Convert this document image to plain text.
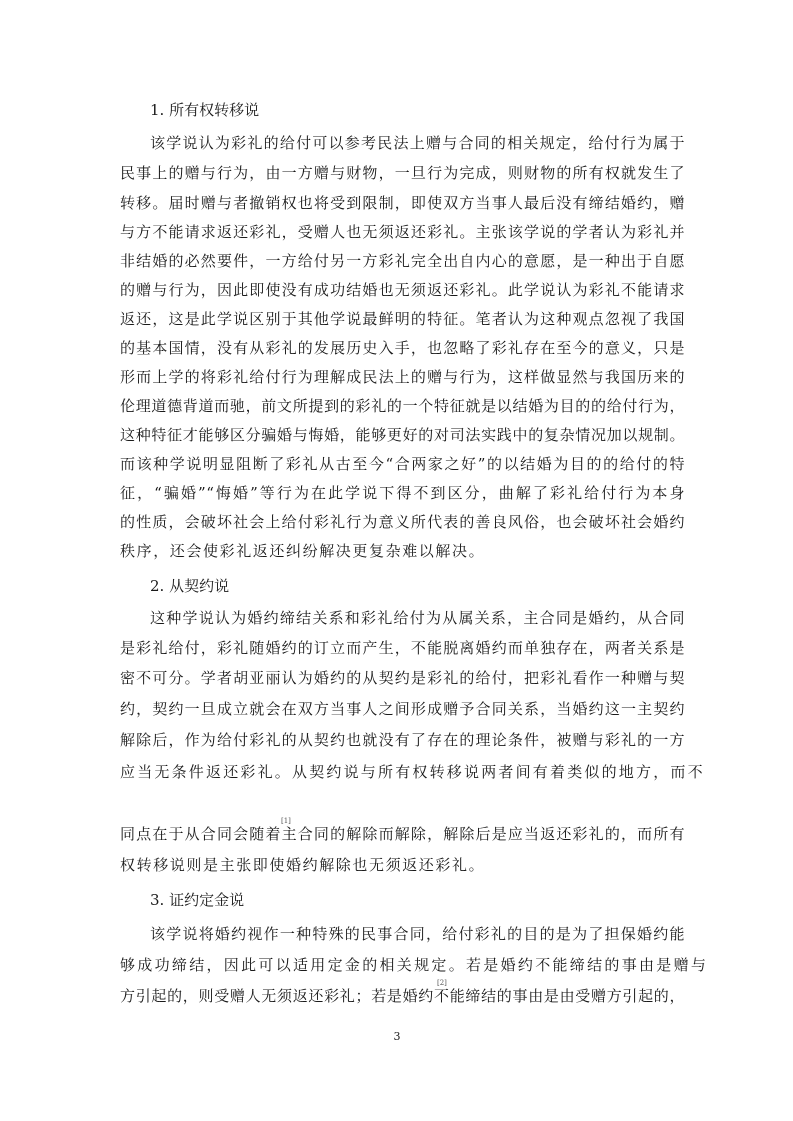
1. 所有权转移说
该学说认为彩礼的给付可以参考民法上赠与合同的相关规定，给付行为属于
民事上的赠与行为，由一方赠与财物，一旦行为完成，则财物的所有权就发生了
转移。届时赠与者撤销权也将受到限制，即使双方当事人最后没有缔结婚约，赠
与方不能请求返还彩礼，受赠人也无须返还彩礼。主张该学说的学者认为彩礼并
非结婚的必然要件，一方给付另一方彩礼完全出自内心的意愿，是一种出于自愿
的赠与行为，因此即使没有成功结婚也无须返还彩礼。此学说认为彩礼不能请求
返还，这是此学说区别于其他学说最鲜明的特征。笔者认为这种观点忽视了我国
的基本国情，没有从彩礼的发展历史入手，也忽略了彩礼存在至今的意义，只是
形而上学的将彩礼给付行为理解成民法上的赠与行为，这样做显然与我国历来的
伦理道德背道而驰，前文所提到的彩礼的一个特征就是以结婚为目的的给付行为，
这种特征才能够区分骗婚与悔婚，能够更好的对司法实践中的复杂情况加以规制。
而该种学说明显阻断了彩礼从古至今“合两家之好”的以结婚为目的的给付的特
征，“骗婚”“悔婚”等行为在此学说下得不到区分，曲解了彩礼给付行为本身
的性质，会破坏社会上给付彩礼行为意义所代表的善良风俗，也会破坏社会婚约
秩序，还会使彩礼返还纠纷解决更复杂难以解决。
2. 从契约说
这种学说认为婚约缔结关系和彩礼给付为从属关系，主合同是婚约，从合同
是彩礼给付，彩礼随婚约的订立而产生，不能脱离婚约而单独存在，两者关系是
密不可分。学者胡亚丽认为婚约的从契约是彩礼的给付，把彩礼看作一种赠与契
约，契约一旦成立就会在双方当事人之间形成赠予合同关系，当婚约这一主契约
解除后，作为给付彩礼的从契约也就没有了存在的理论条件，被赠与彩礼的一方
应当无条件返还彩礼。从契约说与所有权转移说两者间有着类似的地方，而不
[1]
同点在于从合同会随着主合同的解除而解除，解除后是应当返还彩礼的，而所有
权转移说则是主张即使婚约解除也无须返还彩礼。
3. 证约定金说
该学说将婚约视作一种特殊的民事合同，给付彩礼的目的是为了担保婚约能
够成功缔结，因此可以适用定金的相关规定。若是婚约不能缔结的事由是赠与
[2]
方引起的，则受赠人无须返还彩礼；若是婚约不能缔结的事由是由受赠方引起的，
3
